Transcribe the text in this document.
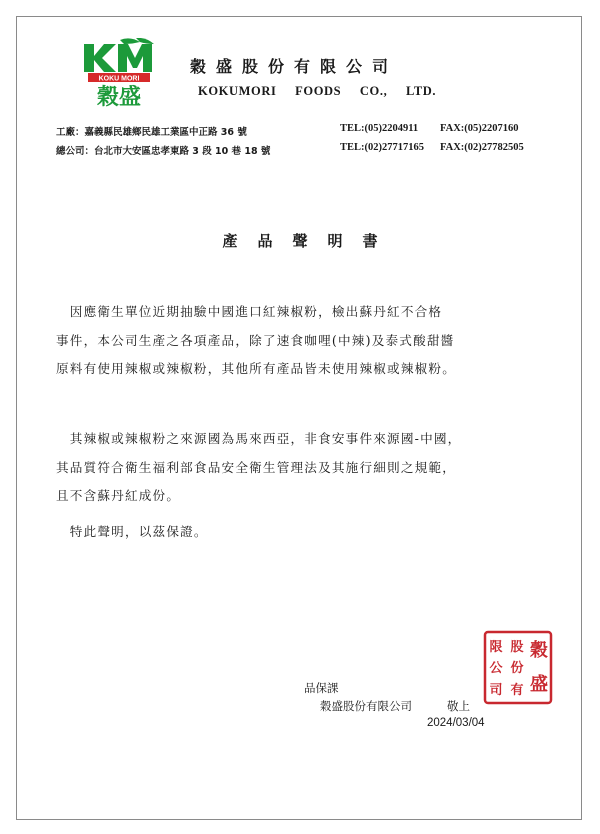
KOKU MORI
穀盛
穀盛股份有限公司
KOKUMORI FOODS CO., LTD.
工廠：嘉義縣民雄鄉民雄工業區中正路 36 號	TEL:(05)2204911 FAX:(05)2207160
總公司：台北市大安區忠孝東路 3 段 10 巷 18 號	TEL:(02)27717165 FAX:(02)27782505
產品聲明書
　因應衛生單位近期抽驗中國進口紅辣椒粉，檢出蘇丹紅不合格
事件，本公司生產之各項產品，除了速食咖哩(中辣)及泰式酸甜醬
原料有使用辣椒或辣椒粉，其他所有產品皆未使用辣椒或辣椒粉。
　其辣椒或辣椒粉之來源國為馬來西亞，非食安事件來源國-中國，
其品質符合衛生福利部食品安全衛生管理法及其施行細則之規範，
且不含蘇丹紅成份。
　特此聲明，以茲保證。
穀
盛
股
份
有
限
公
司
品保課
穀盛股份有限公司	敬上
2024/03/04
